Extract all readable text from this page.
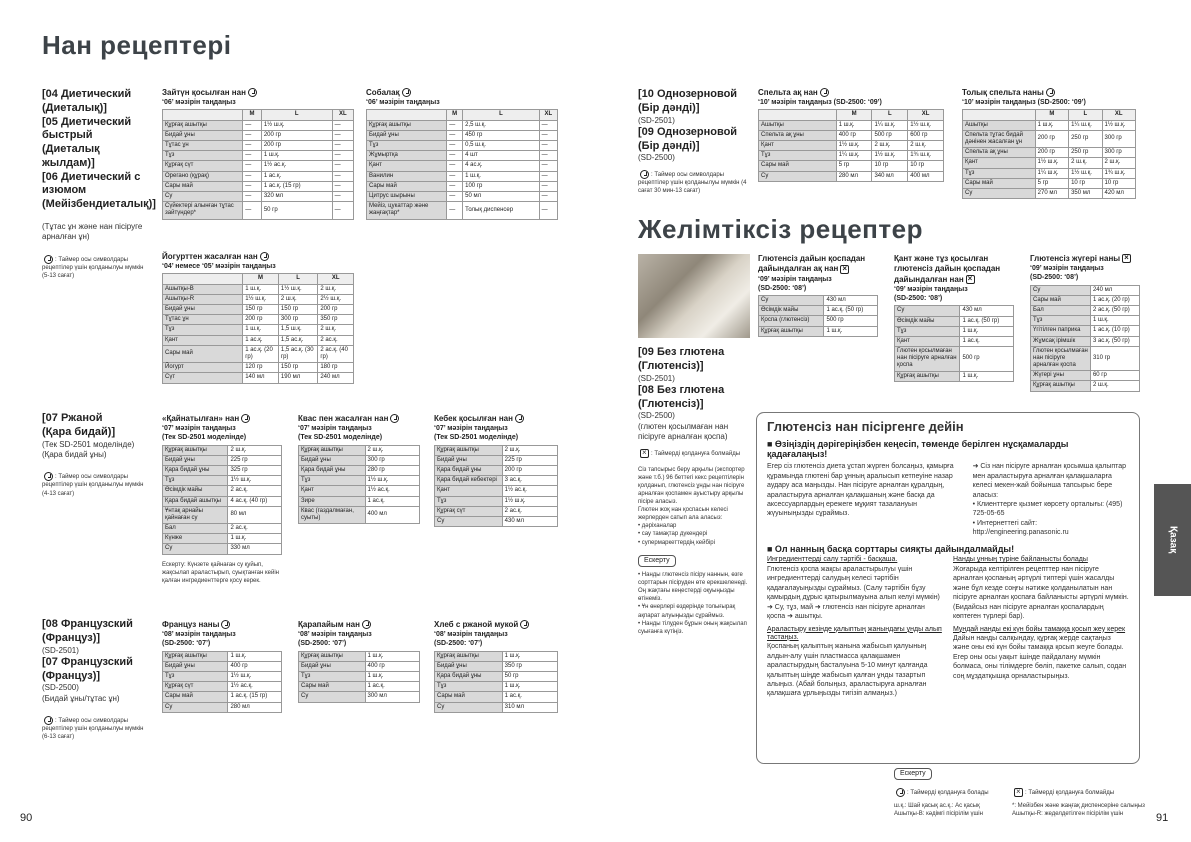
Нан рецептері
[04 Диетический
(Диеталық)]
[05 Диетический
быстрый
(Диеталық жылдам)]
[06 Диетический с
изюмом
(Мейізбендиеталық)]
(Тұтас ұн және нан пісіруге арналған ұн)
: Таймер осы символдары рецептілер үшін қолданылуы мүмкін (5-13 сағат)
Зайтүн қосылған нан
‘06’ мәзірін таңдаңыз
	M	L	XL
Құрғақ ашытқы	—	1½ ш.қ.	—
Бидай ұны	—	200 гр	—
Тұтас ұн	—	200 гр	—
Тұз	—	1 ш.қ.	—
Құрғақ сүт	—	1½ ас.қ.	—
Ореганo (құрақ)	—	1 ас.қ.	—
Сары май	—	1 ас.қ. (15 гр)	—
Су	—	320 мл	—
Сүйектері алынған тұтас зайтүндер*	—	50 гр	—
Собалақ
‘06’ мәзірін таңдаңыз
	M	L	XL
Құрғақ ашытқы	—	2,5 ш.қ.	—
Бидай ұны	—	450 гр	—
Тұз	—	0,5 ш.қ.	—
Жұмыртқа	—	4 шт	—
Қант	—	4 ас.қ.	—
Ванилин	—	1 ш.қ.	—
Сары май	—	100 гр	—
Цитрус шырыны	—	50 мл	—
Мейіз, цукаттар және жаңғақтар*	—	Толық диспенсер	—
Йогурттен жасалған нан
‘04’ немесе ‘05’ мәзірін таңдаңыз
	M	L	XL
Ашытқы-В	1 ш.қ.	1½ ш.қ.	2 ш.қ.
Ашытқы-R	1½ ш.қ.	2 ш.қ.	2½ ш.қ.
Бидай ұны	150 гр	150 гр	200 гр
Тұтас ұн	200 гр	300 гр	350 гр
Тұз	1 ш.қ.	1,5 ш.қ.	2 ш.қ.
Қант	1 ас.қ.	1,5 ас.қ.	2 ас.қ.
Сары май	1 ас.қ. (20 гр)	1,5 ас.қ. (30 гр)	2 ас.қ. (40 гр)
Йогурт	120 гр	150 гр	180 гр
Сүт	140 мл	190 мл	240 мл
[07 Ржаной
(Қара бидай)]
(Тек SD-2501 моделінде)
(Қара бидай ұны)
: Таймер осы символдары рецептілер үшін қолданылуы мүмкін (4-13 сағат)
«Қайнатылған» нан
‘07’ мәзірін таңдаңыз
(Тек SD-2501 моделінде)
Құрғақ ашытқы	2 ш.қ.
Бидай ұны	225 гр
Қара бидай ұны	325 гр
Тұз	1½ ш.қ.
Өсімдік майы	2 ас.қ.
Қара бидай ашытқы	4 ас.қ. (40 гр)
Ұнтақ арнайы қайнаған су	80 мл
Бал	2 ас.қ.
Күнже	1 ш.қ.
Су	330 мл
Ескерту: Күнзете қайнаған су қуйып, жақсылап араластырып, суықтанған кейін қалған ингредиенттерге қосу керек.
Квас пен жасалған нан
‘07’ мәзірін таңдаңыз
(Тек SD-2501 моделінде)
Құрғақ ашытқы	2 ш.қ.
Бидай ұны	300 гр
Қара бидай ұны	280 гр
Тұз	1½ ш.қ.
Қант	1½ ас.қ.
Зире	1 ас.қ.
Квас (газдалмаған, суыты)	400 мл
Кебек қосылған нан
‘07’ мәзірін таңдаңыз
(Тек SD-2501 моделінде)
Құрғақ ашытқы	2 ш.қ.
Бидай ұны	225 гр
Қара бидай ұны	200 гр
Қара бидай кебектері	3 ас.қ.
Қант	1½ ас.қ.
Тұз	1½ ш.қ.
Құрғақ сүт	2 ас.қ.
Су	430 мл
[08 Французский
(Француз)]
(SD-2501)
[07 Французский
(Француз)]
(SD-2500)
(Бидай ұны/тұтас ұн)
: Таймер осы символдары рецептілер үшін қолданылуы мүмкін (6-13 сағат)
Француз наны
‘08’ мәзірін таңдаңыз
(SD-2500: ‘07’)
Құрғақ ашытқы	1 ш.қ.
Бидай ұны	400 гр
Тұз	1½ ш.қ.
Құрғақ сүт	1½ ас.қ.
Сары май	1 ас.қ. (15 гр)
Су	280 мл
Қарапайым нан
‘08’ мәзірін таңдаңыз
(SD-2500: ‘07’)
Құрғақ ашытқы	1 ш.қ.
Бидай ұны	400 гр
Тұз	1 ш.қ.
Сары май	1 ас.қ.
Су	300 мл
Хлеб с ржаной мукой
‘08’ мәзірін таңдаңыз
(SD-2500: ‘07’)
Құрғақ ашытқы	1 ш.қ.
Бидай ұны	350 гр
Қара бидай ұны	50 гр
Тұз	1 ш.қ.
Сары май	1 ас.қ.
Су	310 мл
90
[10 Однозерновой
(Бір дәнді)]
(SD-2501)
[09 Однозерновой
(Бір дәнді)]
(SD-2500)
: Таймер осы символдары рецептілер үшін қолданылуы мүмкін (4 сағат 30 мин-13 сағат)
Спельта ақ нан
‘10’ мәзірін таңдаңыз (SD-2500: ‘09’)
	M	L	XL
Ашытқы	1 ш.қ.	1¼ ш.қ.	1½ ш.қ.
Спельта ақ ұны	400 гр	500 гр	600 гр
Қант	1½ ш.қ.	2 ш.қ.	2 ш.қ.
Тұз	1¼ ш.қ.	1½ ш.қ.	1¾ ш.қ.
Сары май	5 гр	10 гр	10 гр
Су	280 мл	340 мл	400 мл
Толық спельта наны
‘10’ мәзірін таңдаңыз (SD-2500: ‘09’)
	M	L	XL
Ашытқы	1 ш.қ.	1¼ ш.қ.	1½ ш.қ.
Спельта тұтас бидай дәнінен жасалған ұн	200 гр	250 гр	300 гр
Спельта ақ ұны	200 гр	250 гр	300 гр
Қант	1½ ш.қ.	2 ш.қ.	2 ш.қ.
Тұз	1¼ ш.қ.	1½ ш.қ.	1¾ ш.қ.
Сары май	5 гр	10 гр	10 гр
Су	270 мл	350 мл	420 мл
Желімтіксіз рецептер
Глютенсіз дайын қоспадан дайындалған ақ нан×
‘09’ мәзірін таңдаңыз
(SD-2500: ‘08’)
Су	430 мл
Өсімдік майы	1 ас.қ. (50 гр)
Қоспа (глютенсіз)	500 гр
Құрғақ ашытқы	1 ш.қ.
Қант және тұз қосылған глютенсіз дайын қоспадан дайындалған нан×
‘09’ мәзірін таңдаңыз
(SD-2500: ‘08’)
Су	430 мл
Өсімдік майы	1 ас.қ. (50 гр)
Тұз	1 ш.қ.
Қант	1 ас.қ.
Глютен қосылмаған нан пісіруге арналған қоспа	500 гр
Құрғақ ашытқы	1 ш.қ.
Глютенсіз жүгері наны×
‘09’ мәзірін таңдаңыз
(SD-2500: ‘08’)
Су	240 мл
Сары май	1 ас.қ. (20 гр)
Бал	2 ас.қ. (50 гр)
Тұз	1 ш.қ.
Үгітілген паприка	1 ас.қ. (10 гр)
Жұмсақ ірімшік	3 ас.қ. (50 гр)
Глютен қосылмаған нан пісіруге арналған қоспа	310 гр
Жүгері ұны	60 гр
Құрғақ ашытқы	2 ш.қ.
[09 Без глютена
(Глютенсіз)]
(SD-2501)
[08 Без глютена
(Глютенсіз)]
(SD-2500)
(глютен қосылмаған нан пісіруге арналған қоспа)
×: Таймерді қолдануға болмайды
Сіз тапсырыс беру арқылы (экспортер және т.б.) 96 беттегі кекс рецептілерін қолданып, глютенсіз ұнды нан пісіруге арналған қоспамен ауыстыру арқылы пісіре аласыз.
Глютен жоқ нан қоспасын келесі жерлерден сатып ала аласыз:
• дәріханалар
• сау тамақтар дүкендері
• супермаркеттердің кейбірі
Ескерту
• Нанды глютенсіз пісіру наннын, өзге сорттарын пісіруден өте ерекшеленеді. Оң жақтағы кеңестерді оқуыңызды өтінеміз.
• Ұн өнерлері өздерінде толығырақ ақпарат алуыңызды сұраймыз.
• Нанды тілуден бұрын оның жақсылап суығанға күтіңіз.
Глютенсіз нан пісіргенге дейін
■ Өзіңіздің дәрігеріңізбен кеңесіп, төменде берілген нұсқамаларды қадағалаңыз!
Егер сіз глютенсіз диета ұстап жүрген болсаңыз, қамырға құрамында глютені бар ұнның аралысып кетпеуіне назар аудару аса маңызды. Нан пісіруге арналған құралдың, араластыруға арналған қалақшаның және басқа да аксессуарлардың ережеге мұқият тазалануын жүуыныңызды сұраймыз.
➜ Сіз нан пісіруге арналған қосымша қалыптар мен араластыруға арналған қалақшаларға келесі мекен-жай бойынша тапсырыс бере аласыз:
• Клиенттерге қызмет көрсету орталығы: (495) 725-05-65
• Интернеттегі сайт: http://engineering.panasonic.ru
■ Ол нанның басқа сорттары сияқты дайындалмайды!
Ингредиенттерді салу тәртібі - басқаша.
Глютенсіз қоспа жақсы араластырылуы үшін ингредиенттерді салудың келесі тәртібін қадағалауыңызды сұраймыз. (Салу тәртібін бұзу қамырдың дұрыс қатырылмауына алып келуі мүмкін) ➜ Су, тұз, май ➜ глютенсіз нан пісіруге арналған қоспа ➜ ашытқы.
Араластыру кезінде қалыптың жанындағы ұнды алып тастаңыз.
Қоспаның қалыптың жанына жабысып қалуының алдын-алу үшін пластмасса қалақшамен араластырудың басталуына 5-10 минут қалғанда қалыптың шіңде жабысып қалған ұнды тазартып алыңыз. (Абай болыңыз, араластыруға арналған қалақшаға ұрлыңызды тигізіп алмаңыз.)
Нанды ұнның түріне байланысты болады
Жоғарыда келтірілген рецепттер нан пісіруге арналған қоспаның әртүрлі типтері үшін жасалды және бұл кезде соңғы нәтиже қолданылатын нан пісіруге арналған қоспаға байланысты әртүрлі мүмкін. (Бидайсыз нан пісіруге арналған қоспалардың көптеген түрлері бар).
Мұндай нанды екі күн бойы тамаққа қосып жеу керек
Дайын нанды салқындау, құрғақ жерде сақтаңыз және оны екі күн бойы тамаққа қосып жеуге болады. Егер оны осы уақыт ішінде пайдалану мүмкін болмаса, оны тілімдерге бөліп, пакетке салып, содан соң мұздатқышқа орналастырыңыз.
Ескерту
: Таймерді қолдануға болады ×	: Таймерді қолдануға болмайды
ш.қ.: Шай қасық ас.қ.: Ас қасық
Ашытқы-В: кәдімгі пісірілім үшін
*: Мейізбен және жаңғақ диспенсеріне салыңыз
Ашытқы-R: жеделдетілген пісірілім үшін
Қазақ
91
